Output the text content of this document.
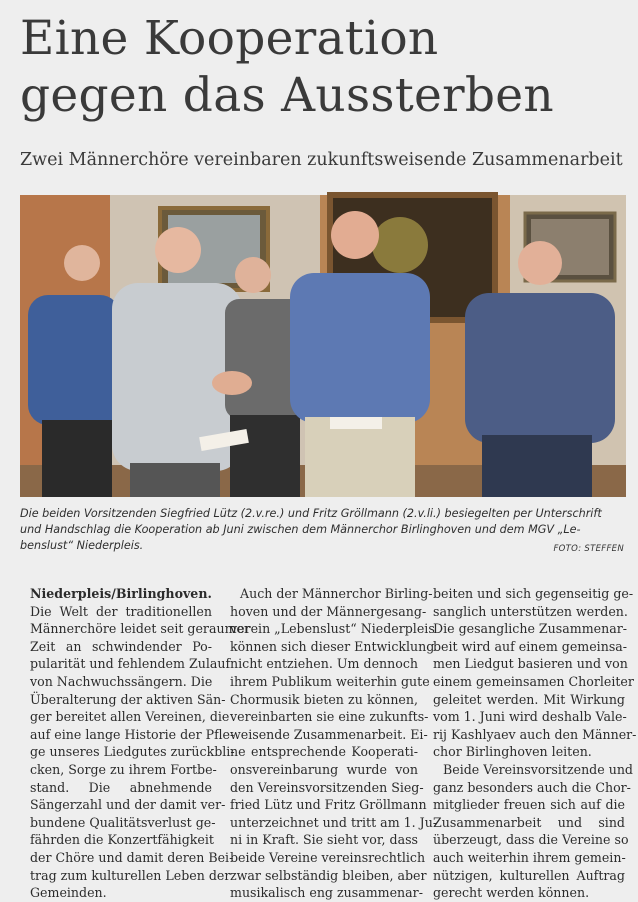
Eine Kooperation
gegen das Aussterben
Zwei Männerchöre vereinbaren zukunftsweisende Zusammenarbeit
Die beiden Vorsitzenden Siegfried Lütz (2.v.re.) und Fritz Gröllmann (2.v.li.) besiegelten per Unterschrift
und Handschlag die Kooperation ab Juni zwischen dem Männerchor Birlinghoven und dem MGV „Le-
benslust“ Niederpleis.	FOTO: STEFFEN
Niederpleis/Birlinghoven.
Die Welt der traditionellen
Männerchöre leidet seit geraumer
Zeit an schwindender Po-
pularität und fehlendem Zulauf
von Nachwuchssängern. Die
Überalterung der aktiven Sän-
ger bereitet allen Vereinen, die
auf eine lange Historie der Pfle-
ge unseres Liedgutes zurückbli-
cken, Sorge zu ihrem Fortbe-
stand. Die abnehmende
Sängerzahl und der damit ver-
bundene Qualitätsverlust ge-
fährden die Konzertfähigkeit
der Chöre und damit deren Bei-
trag zum kulturellen Leben der
Gemeinden.
Auch der Männerchor Birling-
hoven und der Männergesang-
verein „Lebenslust“ Niederpleis
können sich dieser Entwicklung
nicht entziehen. Um dennoch
ihrem Publikum weiterhin gute
Chormusik bieten zu können,
vereinbarten sie eine zukunfts-
weisende Zusammenarbeit. Ei-
ne entsprechende Kooperati-
onsvereinbarung wurde von
den Vereinsvorsitzenden Sieg-
fried Lütz und Fritz Gröllmann
unterzeichnet und tritt am 1. Ju-
ni in Kraft. Sie sieht vor, dass
beide Vereine vereinsrechtlich
zwar selbständig bleiben, aber
musikalisch eng zusammenar-
beiten und sich gegenseitig ge-
sanglich unterstützen werden.
Die gesangliche Zusammenar-
beit wird auf einem gemeinsa-
men Liedgut basieren und von
einem gemeinsamen Chorleiter
geleitet werden. Mit Wirkung
vom 1. Juni wird deshalb Vale-
rij Kashlyaev auch den Männer-
chor Birlinghoven leiten.
Beide Vereinsvorsitzende und
ganz besonders auch die Chor-
mitglieder freuen sich auf die
Zusammenarbeit und sind
überzeugt, dass die Vereine so
auch weiterhin ihrem gemein-
nützigen, kulturellen Auftrag
gerecht werden können.
